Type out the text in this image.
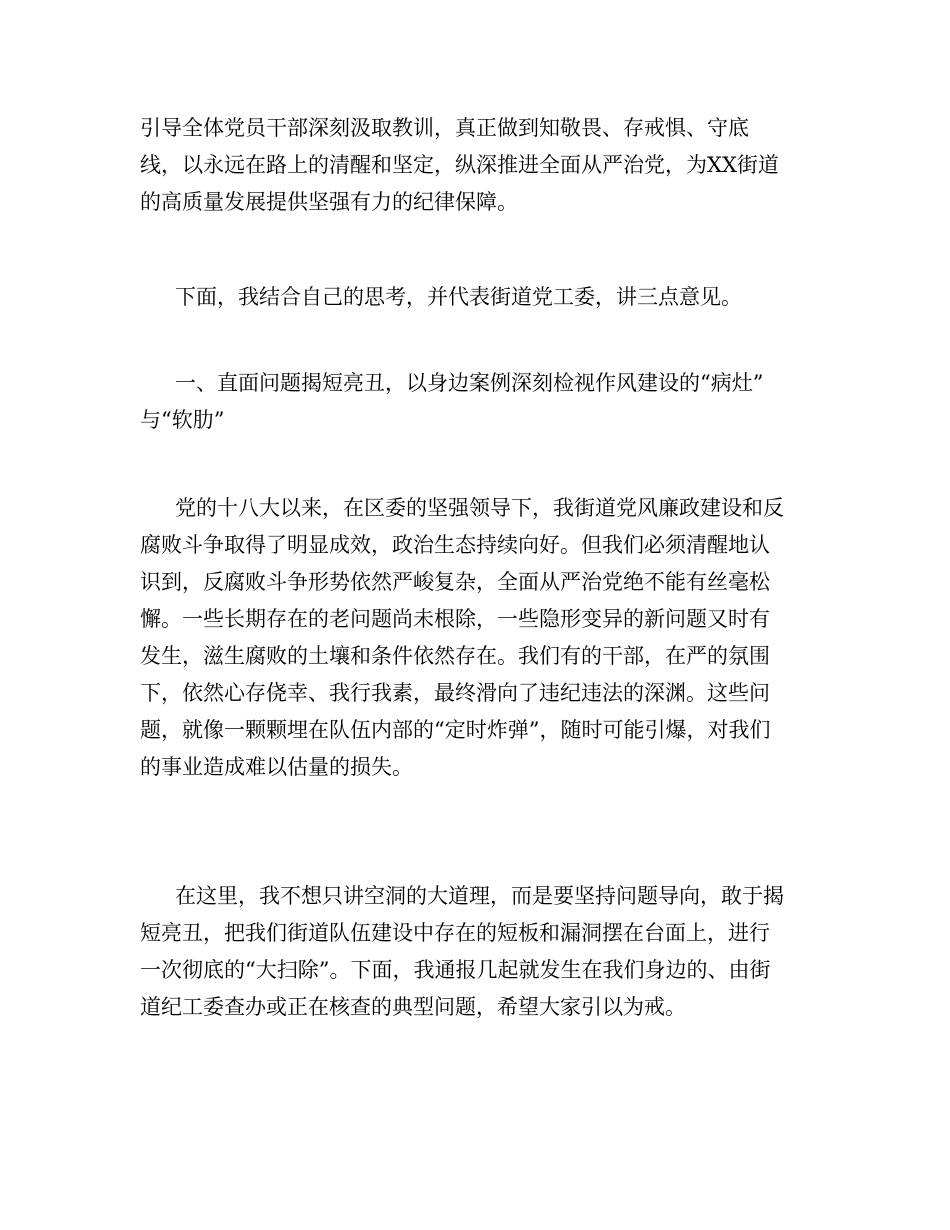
引导全体党员干部深刻汲取教训，真正做到知敬畏、存戒惧、守底
线，以永远在路上的清醒和坚定，纵深推进全面从严治党，为XX街道
的高质量发展提供坚强有力的纪律保障。
下面，我结合自己的思考，并代表街道党工委，讲三点意见。
一、直面问题揭短亮丑，以身边案例深刻检视作风建设的“病灶”
与“软肋”
党的十八大以来，在区委的坚强领导下，我街道党风廉政建设和反
腐败斗争取得了明显成效，政治生态持续向好。但我们必须清醒地认
识到，反腐败斗争形势依然严峻复杂，全面从严治党绝不能有丝毫松
懈。一些长期存在的老问题尚未根除，一些隐形变异的新问题又时有
发生，滋生腐败的土壤和条件依然存在。我们有的干部，在严的氛围
下，依然心存侥幸、我行我素，最终滑向了违纪违法的深渊。这些问
题，就像一颗颗埋在队伍内部的“定时炸弹”，随时可能引爆，对我们
的事业造成难以估量的损失。
在这里，我不想只讲空洞的大道理，而是要坚持问题导向，敢于揭
短亮丑，把我们街道队伍建设中存在的短板和漏洞摆在台面上，进行
一次彻底的“大扫除”。下面，我通报几起就发生在我们身边的、由街
道纪工委查办或正在核查的典型问题，希望大家引以为戒。
